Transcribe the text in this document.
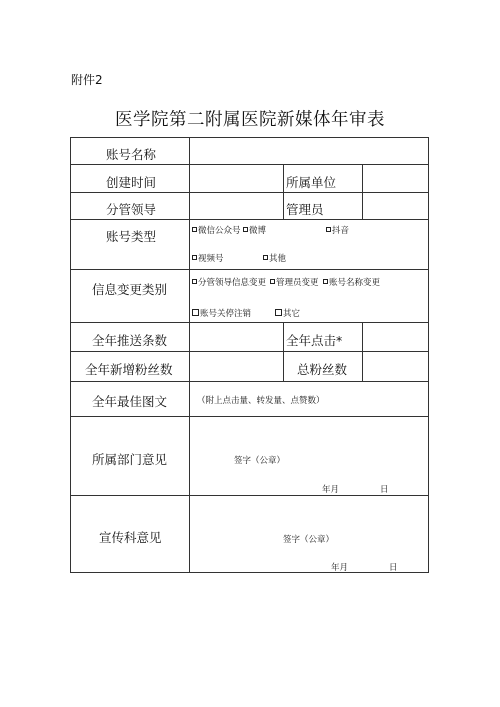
附件2
医学院第二附属医院新媒体年审表
账号名称
创建时间	所属单位
分管领导	管理员
账号类型	微信公众号 微博	抖音
视频号	其他
信息变更类别	分管领导信息变更	管理员变更	账号名称变更
账号关停注销	其它
全年推送条数	全年点击*
全年新增粉丝数	总粉丝数
全年最佳图文	（附上点击量、转发量、点赞数）
所属部门意见	签字（公章）
年月	日
宣传科意见	签字（公章）
年月	日
